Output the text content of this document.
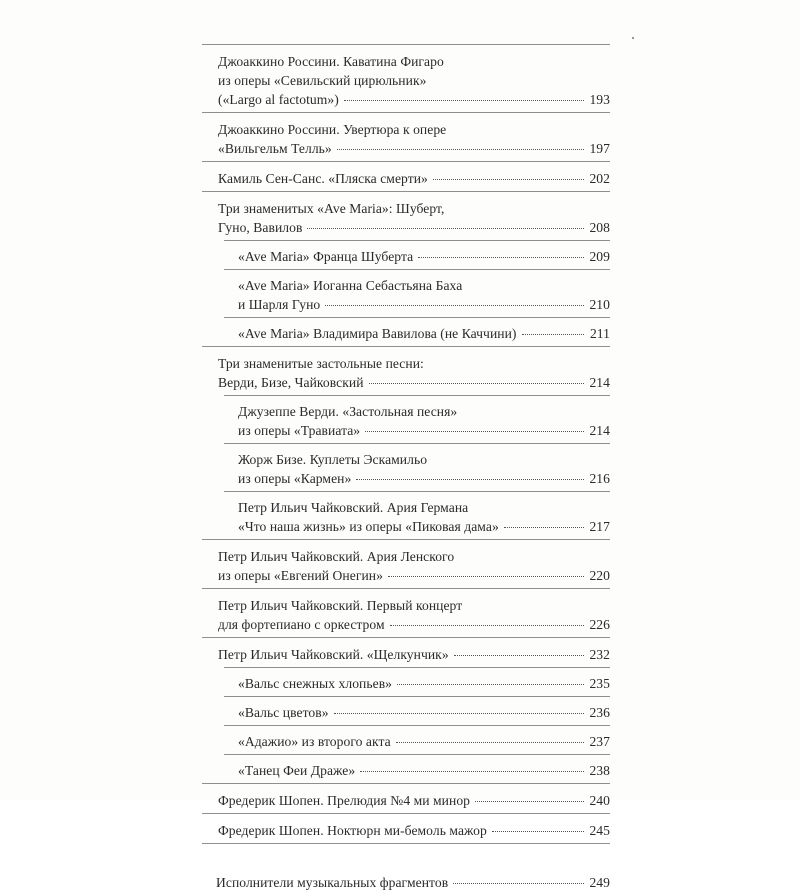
Джоаккино Россини. Каватина Фигаро
из оперы «Севильский цирюльник»
(«Largo al factotum»)	193
Джоаккино Россини. Увертюра к опере
«Вильгельм Телль»	197
Камиль Сен-Санс. «Пляска смерти»	202
Три знаменитых «Ave Maria»: Шуберт,
Гуно, Вавилов	208
«Ave Maria» Франца Шуберта	209
«Ave Maria» Иоганна Себастьяна Баха
и Шарля Гуно	210
«Ave Maria» Владимира Вавилова (не Каччини)	211
Три знаменитые застольные песни:
Верди, Бизе, Чайковский	214
Джузеппе Верди. «Застольная песня»
из оперы «Травиата»	214
Жорж Бизе. Куплеты Эскамильо
из оперы «Кармен»	216
Петр Ильич Чайковский. Ария Германа
«Что наша жизнь» из оперы «Пиковая дама»	217
Петр Ильич Чайковский. Ария Ленского
из оперы «Евгений Онегин»	220
Петр Ильич Чайковский. Первый концерт
для фортепиано с оркестром	226
Петр Ильич Чайковский. «Щелкунчик»	232
«Вальс снежных хлопьев»	235
«Вальс цветов»	236
«Адажио» из второго акта	237
«Танец Феи Драже»	238
Фредерик Шопен. Прелюдия №4 ми минор	240
Фредерик Шопен. Ноктюрн ми-бемоль мажор	245
Исполнители музыкальных фрагментов	249
